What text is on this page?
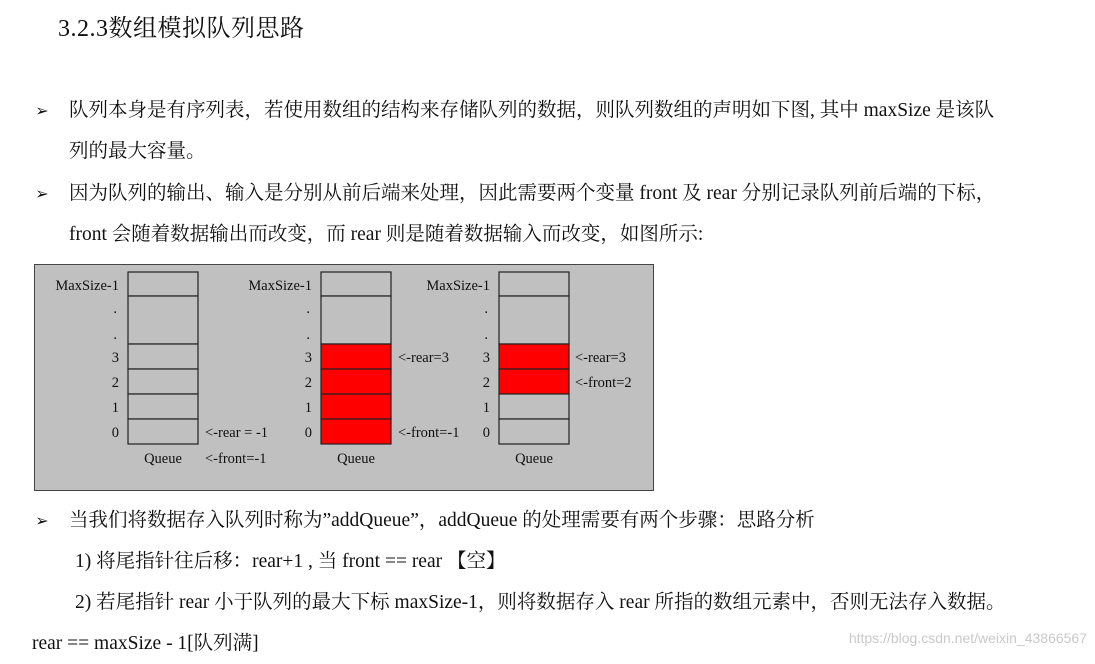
3.2.3数组模拟队列思路
➢ 队列本身是有序列表，若使用数组的结构来存储队列的数据，则队列数组的声明如下图, 其中 maxSize 是该队
列的最大容量。
➢ 因为队列的输出、输入是分别从前后端来处理，因此需要两个变量 front 及 rear 分别记录队列前后端的下标，
front 会随着数据输出而改变，而 rear 则是随着数据输入而改变，如图所示:
MaxSize-1
.
.
3
2
1
0
Queue
<-rear = -1
<-front=-1
MaxSize-1
.
.
3
2
1
0
Queue
<-rear=3
<-front=-1
MaxSize-1
.
.
3
2
1
0
Queue
<-rear=3
<-front=2
➢ 当我们将数据存入队列时称为”addQueue”，addQueue 的处理需要有两个步骤：思路分析
1) 将尾指针往后移：rear+1 , 当 front == rear 【空】
2) 若尾指针 rear 小于队列的最大下标 maxSize-1，则将数据存入 rear 所指的数组元素中，否则无法存入数据。
rear == maxSize - 1[队列满]	https://blog.csdn.net/weixin_43866567
